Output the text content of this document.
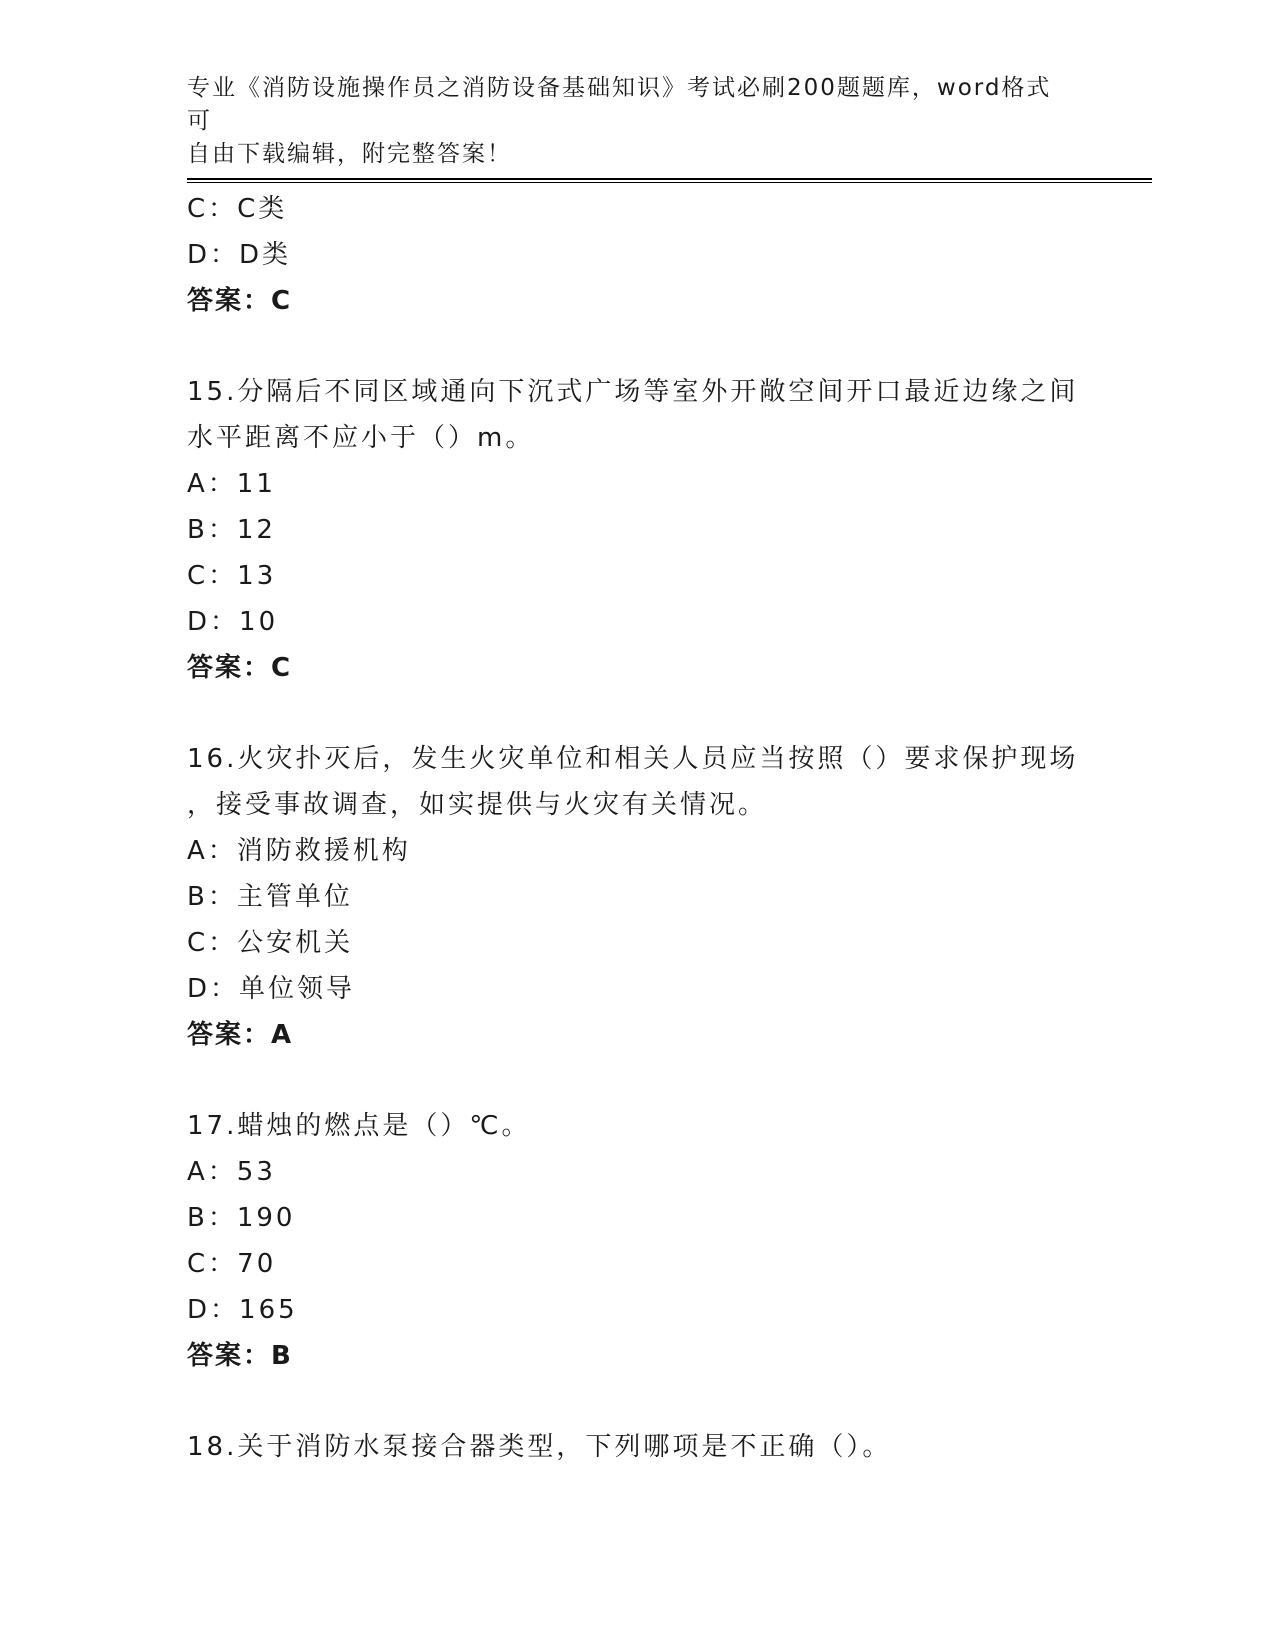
专业《消防设施操作员之消防设备基础知识》考试必刷200题题库，word格式可
自由下载编辑，附完整答案！
C：C类
D：D类
答案：C
15.分隔后不同区域通向下沉式广场等室外开敞空间开口最近边缘之间
水平距离不应小于（）m。
A：11
B：12
C：13
D：10
答案：C
16.火灾扑灭后，发生火灾单位和相关人员应当按照（）要求保护现场
，接受事故调查，如实提供与火灾有关情况。
A：消防救援机构
B：主管单位
C：公安机关
D：单位领导
答案：A
17.蜡烛的燃点是（）℃。
A：53
B：190
C：70
D：165
答案：B
18.关于消防水泵接合器类型，下列哪项是不正确（）。
